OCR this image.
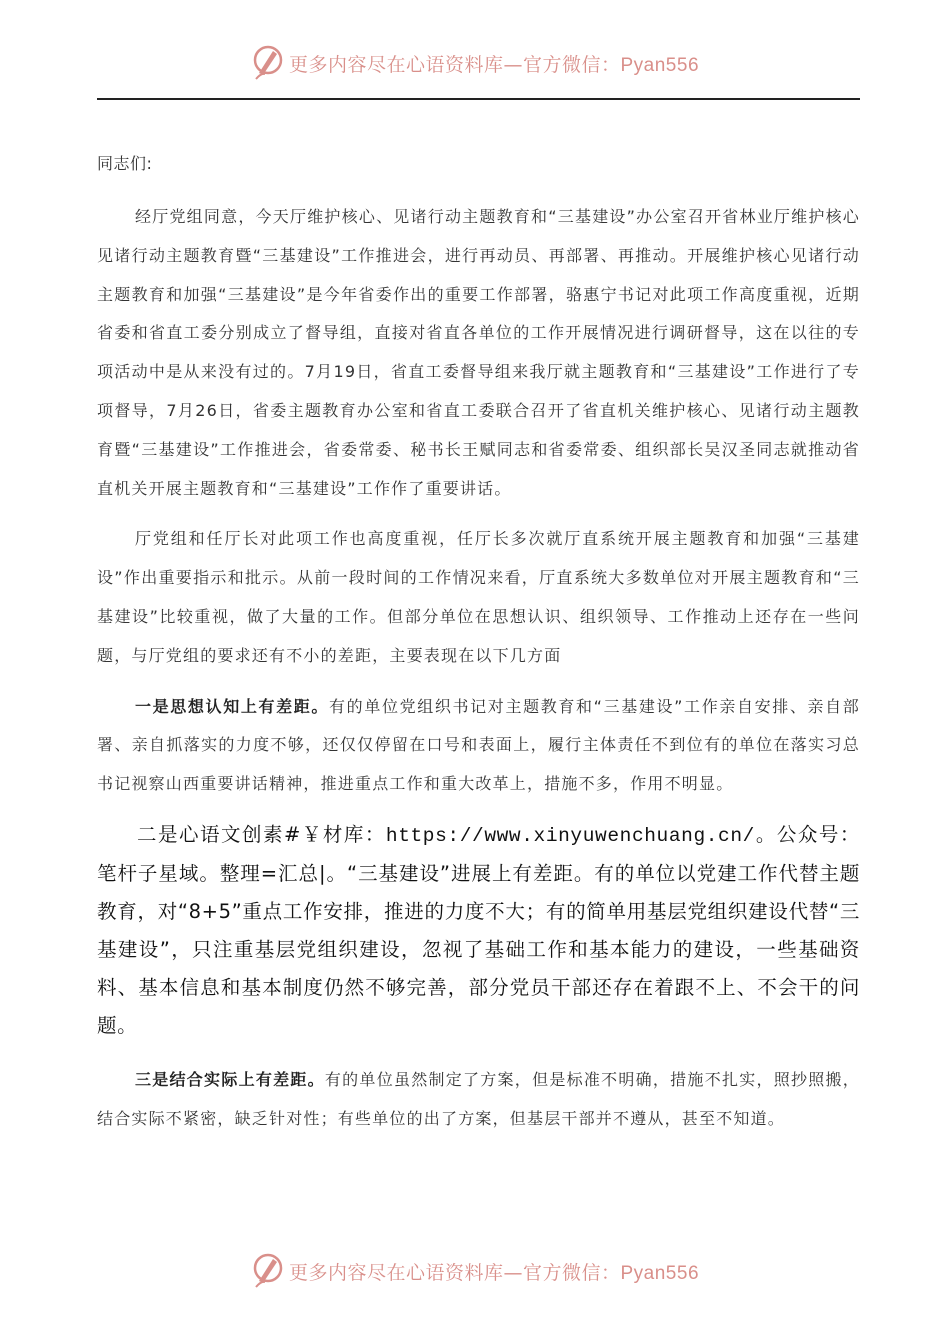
更多内容尽在心语资料库—官方微信：Pyan556

同志们:

经厅党组同意，今天厅维护核心、见诸行动主题教育和“三基建设”办公室召开省林业厅维护核心见诸行动主题教育暨“三基建设”工作推进会，进行再动员、再部署、再推动。开展维护核心见诸行动主题教育和加强“三基建设”是今年省委作出的重要工作部署，骆惠宁书记对此项工作高度重视，近期省委和省直工委分别成立了督导组，直接对省直各单位的工作开展情况进行调研督导，这在以往的专项活动中是从来没有过的。7月19日，省直工委督导组来我厅就主题教育和“三基建设”工作进行了专项督导，7月26日，省委主题教育办公室和省直工委联合召开了省直机关维护核心、见诸行动主题教育暨“三基建设”工作推进会，省委常委、秘书长王赋同志和省委常委、组织部长吴汉圣同志就推动省直机关开展主题教育和“三基建设”工作作了重要讲话。

厅党组和任厅长对此项工作也高度重视，任厅长多次就厅直系统开展主题教育和加强“三基建设”作出重要指示和批示。从前一段时间的工作情况来看，厅直系统大多数单位对开展主题教育和“三基建设”比较重视，做了大量的工作。但部分单位在思想认识、组织领导、工作推动上还存在一些问题，与厅党组的要求还有不小的差距，主要表现在以下几方面

一是思想认知上有差距。有的单位党组织书记对主题教育和“三基建设”工作亲自安排、亲自部署、亲自抓落实的力度不够，还仅仅停留在口号和表面上，履行主体责任不到位有的单位在落实习总书记视察山西重要讲话精神，推进重点工作和重大改革上，措施不多，作用不明显。

二是心语文创素#￥材库：https://www.xinyuwenchuang.cn/。公众号：笔杆子星域。整理=汇总|。“三基建设”进展上有差距。有的单位以党建工作代替主题教育，对“8+5”重点工作安排，推进的力度不大；有的简单用基层党组织建设代替“三基建设”，只注重基层党组织建设，忽视了基础工作和基本能力的建设，一些基础资料、基本信息和基本制度仍然不够完善，部分党员干部还存在着跟不上、不会干的问题。

三是结合实际上有差距。有的单位虽然制定了方案，但是标准不明确，措施不扎实，照抄照搬，结合实际不紧密，缺乏针对性；有些单位的出了方案，但基层干部并不遵从，甚至不知道。

更多内容尽在心语资料库—官方微信：Pyan556
